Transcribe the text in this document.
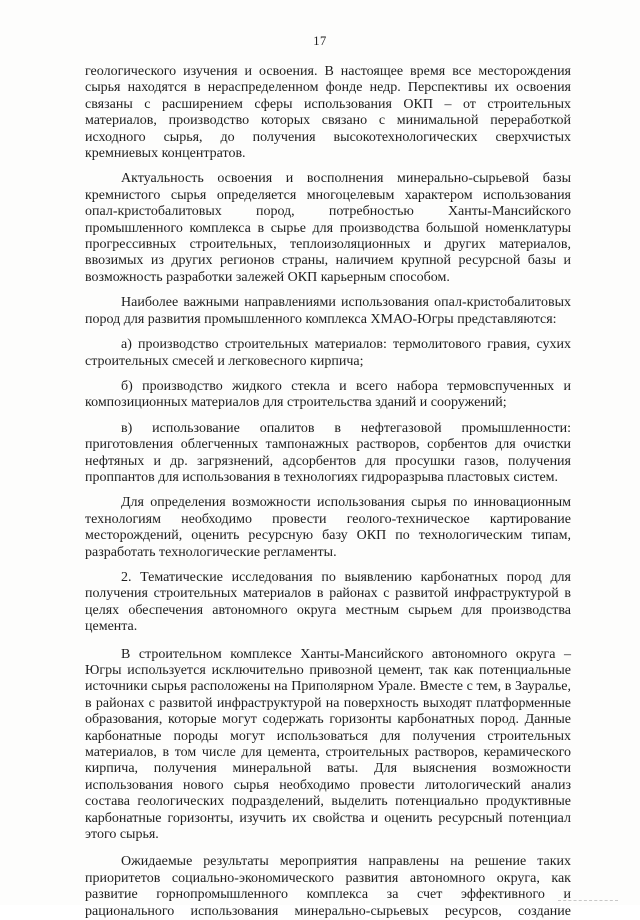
17

геологического изучения и освоения. В настоящее время все месторождения
сырья находятся в нераспределенном фонде недр. Перспективы их освоения
связаны с расширением сферы использования ОКП – от строительных
материалов, производство которых связано с минимальной переработкой
исходного сырья, до получения высокотехнологических сверхчистых
кремниевых концентратов.

Актуальность освоения и восполнения минерально-сырьевой базы
кремнистого сырья определяется многоцелевым характером использования
опал-кристобалитовых пород, потребностью Ханты-Мансийского
промышленного комплекса в сырье для производства большой номенклатуры
прогрессивных строительных, теплоизоляционных и других материалов,
ввозимых из других регионов страны, наличием крупной ресурсной базы и
возможность разработки залежей ОКП карьерным способом.

Наиболее важными направлениями использования опал-кристобалитовых
пород для развития промышленного комплекса ХМАО-Югры представляются:

а) производство строительных материалов: термолитового гравия, сухих
строительных смесей и легковесного кирпича;

б) производство жидкого стекла и всего набора термовспученных и
композиционных материалов для строительства зданий и сооружений;

в) использование опалитов в нефтегазовой промышленности:
приготовления облегченных тампонажных растворов, сорбентов для очистки
нефтяных и др. загрязнений, адсорбентов для просушки газов, получения
проппантов для использования в технологиях гидроразрыва пластовых систем.

Для определения возможности использования сырья по инновационным
технологиям необходимо провести геолого-техническое картирование
месторождений, оценить ресурсную базу ОКП по технологическим типам,
разработать технологические регламенты.

2. Тематические исследования по выявлению карбонатных пород для
получения строительных материалов в районах с развитой инфраструктурой в
целях обеспечения автономного округа местным сырьем для производства
цемента.

В строительном комплексе Ханты-Мансийского автономного округа –
Югры используется исключительно привозной цемент, так как потенциальные
источники сырья расположены на Приполярном Урале. Вместе с тем, в Зауралье,
в районах с развитой инфраструктурой на поверхность выходят платформенные
образования, которые могут содержать горизонты карбонатных пород. Данные
карбонатные породы могут использоваться для получения строительных
материалов, в том числе для цемента, строительных растворов, керамического
кирпича, получения минеральной ваты. Для выяснения возможности
использования нового сырья необходимо провести литологический анализ
состава геологических подразделений, выделить потенциально продуктивные
карбонатные горизонты, изучить их свойства и оценить ресурсный потенциал
этого сырья.

Ожидаемые результаты мероприятия направлены на решение таких
приоритетов социально-экономического развития автономного округа, как
развитие горнопромышленного комплекса за счет эффективного и
рационального использования минерально-сырьевых ресурсов, создание
